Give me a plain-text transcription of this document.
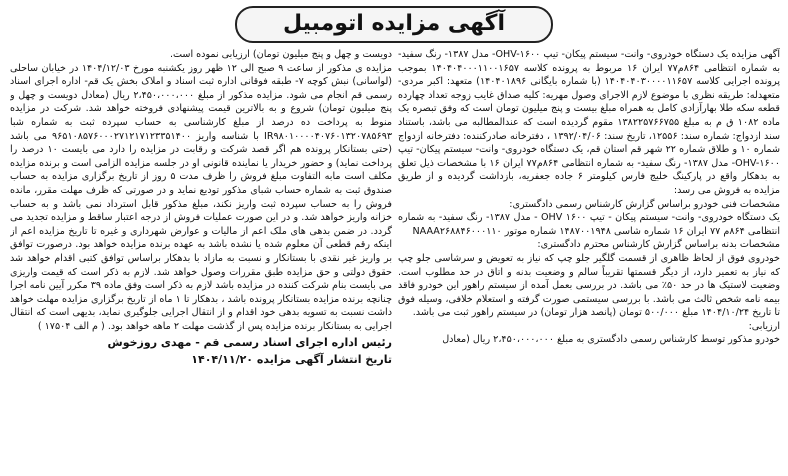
آگهی مزایده اتومبیل

آگهی مزایده یک دستگاه خودروی- وانت- سیستم پیکان- تیپ OHV-۱۶۰۰- مدل ۱۳۸۷- رنگ سفید- به شماره انتظامی ۸۶۴م۷۷ ایران ۱۶ مربوط به پرونده کلاسه ۱۴۰۴۰۴۰۰۰۱۱۰۰۱۶۵۷ بموجب پرونده اجرایی کلاسه ۱۴۰۴۰۴۰۳۰۰۰۰۱۱۶۵۷ (با شماره بایگانی ۱۴۰۴۰۱۸۹۶) متعهد: اکبر مردی- متعهدله: طریقه نظری با موضوع لازم الاجرای وصول مهریه: کلیه صداق غایب زوجه تعداد چهارده قطعه سکه طلا بهارآزادی کامل به همراه مبلغ بیست و پنج میلیون تومان است که وفق تبصره یک ماده ۱۰۸۲ ق م به مبلغ ۱۳۸۲۲۵۷۶۶۷۵۵ مقوم گردیده است که عندالمطالبه می باشد، باستناد سند ازدواج: شماره سند: ۱۲۵۵۶، تاریخ سند: ۱۳۹۲/۰۴/۰۶ ، دفترخانه صادرکننده: دفترخانه ازدواج شماره ۱۰ و طلاق شماره ۲۲ شهر قم استان قم، یک دستگاه خودروی- وانت- سیستم پیکان- تیپ OHV-۱۶۰۰- مدل ۱۳۸۷- رنگ سفید- به شماره انتظامی ۸۶۴م۷۷ ایران ۱۶ با مشخصات ذیل تعلق به بدهکار واقع در پارکینگ خلیج فارس کیلومتر ۶ جاده جعفریه، بازداشت گردیده و از طریق مزایده به فروش می رسد:

مشخصات فنی خودرو براساس گزارش کارشناس رسمی دادگستری:

یک دستگاه خودروی- وانت- سیستم پیکان - تیپ OHV ۱۶۰۰ - مدل ۱۳۸۷- رنگ سفید- به شماره انتظامی ۸۶۴م ۷۷ ایران ۱۶ شماره شاسی ۱۴۸۷۰۰۱۹۴۸ شماره موتور NAAA۲۶۸۸۴۶۰۰۰۱۱۰

مشخصات بدنه براساس گزارش کارشناس محترم دادگستری:

خودروی فوق از لحاظ ظاهری از قسمت گلگیر جلو چپ که نیاز به تعویض و سرشاسی جلو چپ که نیاز به تعمیر دارد، از دیگر قسمتها تقریباً سالم و وضعیت بدنه و اتاق در حد مطلوب است. وضعیت لاستیک ها در حد ۵۰٪ می باشد. در بررسی بعمل آمده از سیستم راهور این خودرو فاقد بیمه نامه شخص ثالث می باشد. با بررسی سیستمی صورت گرفته و استعلام خلافی، وسیله فوق تا تاریخ ۱۴۰۴/۱۰/۲۴ مبلغ ۵۰۰/۰۰۰ تومان (پانصد هزار تومان) در سیستم راهور ثبت می باشد.

ارزیابی:

خودرو مذکور توسط کارشناس رسمی دادگستری به مبلغ ۲،۴۵۰،۰۰۰،۰۰۰ ریال (معادل

دویست و چهل و پنج میلیون تومان) ارزیابی نموده است.

مزایده ی مذکور از ساعت ۹ صبح الی ۱۲ ظهر روز یکشنبه مورخ ۱۴۰۴/۱۲/۰۳ در خیابان ساحلی (لواسانی) نبش کوچه ۷- طبقه فوقانی اداره ثبت اسناد و املاک بخش یک قم- اداره اجرای اسناد رسمی قم انجام می شود. مزایده مذکور از مبلغ ۲،۴۵۰،۰۰۰،۰۰۰ ریال (معادل دویست و چهل و پنج میلیون تومان) شروع و به بالاترین قیمت پیشنهادی فروخته خواهد شد. شرکت در مزایده منوط به پرداخت ده درصد از مبلغ کارشناسی به حساب سپرده ثبت به شماره شبا IR۹۸۰۱۰۰۰۰۴۰۷۶۰۱۳۲۰۷۸۵۶۹۳ با شناسه واریز ۹۶۵۱۰۸۵۷۶۰۰۰۲۷۱۲۱۷۱۲۳۳۵۱۴۰۰ می باشد (حتی بستانکار پرونده هم اگر قصد شرکت و رقابت در مزایده را دارد می بایست ۱۰ درصد را پرداخت نماید) و حضور خریدار یا نماینده قانونی او در جلسه مزایده الزامی است و برنده مزایده مکلف است مابه التفاوت مبلغ فروش را ظرف مدت ۵ روز از تاریخ برگزاری مزایده به حساب صندوق ثبت به شماره حساب شبای مذکور تودیع نماید و در صورتی که ظرف مهلت مقرر، مانده فروش را به حساب سپرده ثبت واریز نکند، مبلغ مذکور قابل استرداد نمی باشد و به حساب خزانه واریز خواهد شد. و در این صورت عملیات فروش از درجه اعتبار ساقط و مزایده تجدید می گردد. در ضمن بدهی های ملک اعم از مالیات و عوارض شهرداری و غیره تا تاریخ مزایده اعم از اینکه رقم قطعی آن معلوم شده یا نشده باشد به عهده برنده مزایده خواهد بود. درصورت توافق بر واریز غیر نقدی با بستانکار و نسبت به مازاد با بدهکار براساس توافق کتبی اقدام خواهد شد حقوق دولتی و حق مزایده طبق مقررات وصول خواهد شد. لازم به ذکر است که قیمت واریزی می بایست بنام شرکت کننده در مزایده باشد لازم به ذکر است وفق ماده ۳۹ مکرر آیین نامه اجرا چنانچه برنده مزایده بستانکار پرونده باشد ، بدهکار تا ۱ ماه از تاریخ برگزاری مزایده مهلت خواهد داشت نسبت به تسویه بدهی خود اقدام و از انتقال اجرایی جلوگیری نماید، بدیهی است که انتقال اجرایی به بستانکار برنده مزایده پس از گذشت مهلت ۲ ماهه خواهد بود. ( م الف ۱۷۵۰۴ )

رئیس اداره اجرای اسناد رسمی قم - مهدی روزخوش
تاریخ انتشار آگهی مزایده ۱۴۰۴/۱۱/۲۰
